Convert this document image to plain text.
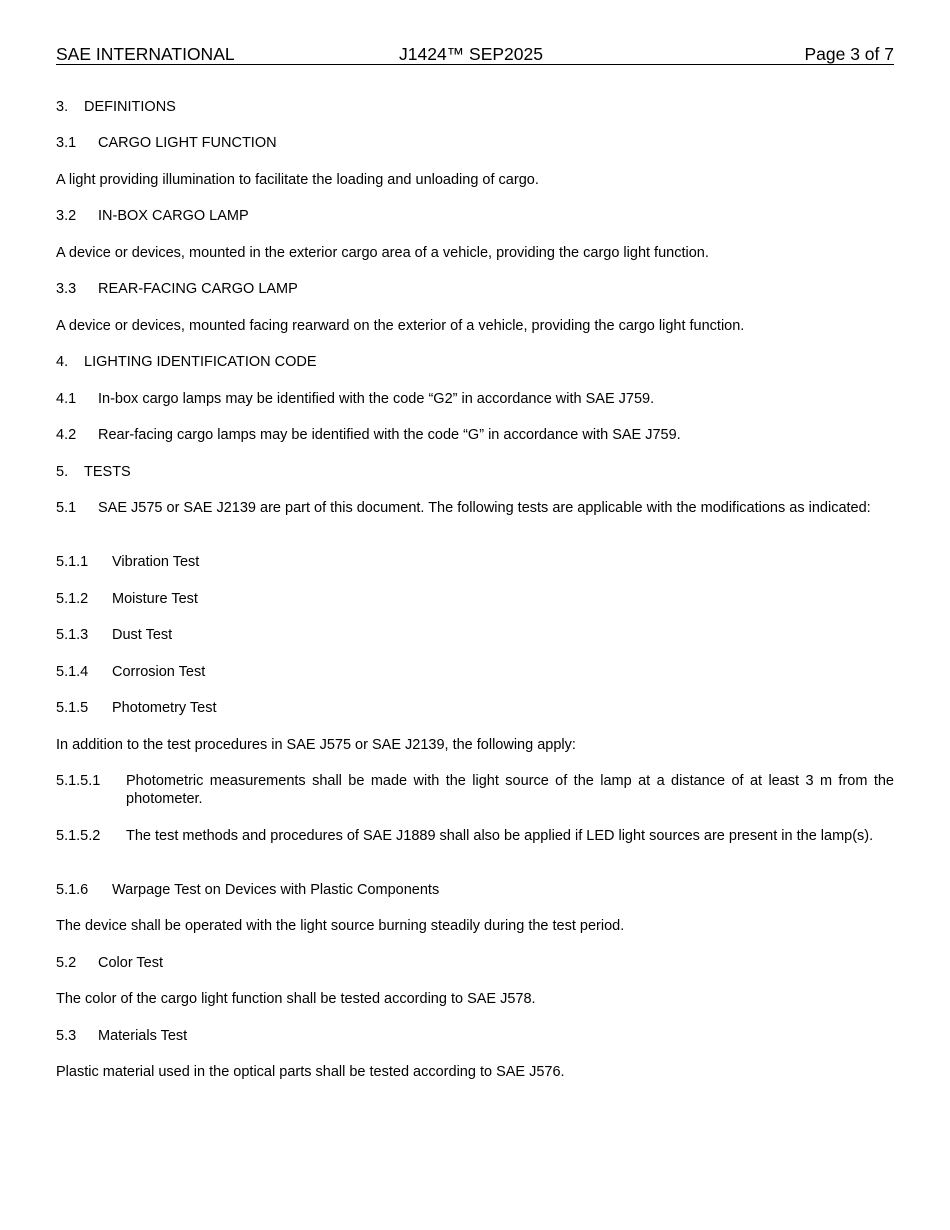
SAE INTERNATIONAL	J1424™ SEP2025	Page 3 of 7
3. DEFINITIONS
3.1 CARGO LIGHT FUNCTION
A light providing illumination to facilitate the loading and unloading of cargo.
3.2 IN-BOX CARGO LAMP
A device or devices, mounted in the exterior cargo area of a vehicle, providing the cargo light function.
3.3 REAR-FACING CARGO LAMP
A device or devices, mounted facing rearward on the exterior of a vehicle, providing the cargo light function.
4. LIGHTING IDENTIFICATION CODE
4.1 In-box cargo lamps may be identified with the code “G2” in accordance with SAE J759.
4.2 Rear-facing cargo lamps may be identified with the code “G” in accordance with SAE J759.
5. TESTS
5.1 SAE J575 or SAE J2139 are part of this document. The following tests are applicable with the modifications as indicated:
5.1.1 Vibration Test
5.1.2 Moisture Test
5.1.3 Dust Test
5.1.4 Corrosion Test
5.1.5 Photometry Test
In addition to the test procedures in SAE J575 or SAE J2139, the following apply:
5.1.5.1 Photometric measurements shall be made with the light source of the lamp at a distance of at least 3 m from the photometer.
5.1.5.2 The test methods and procedures of SAE J1889 shall also be applied if LED light sources are present in the lamp(s).
5.1.6 Warpage Test on Devices with Plastic Components
The device shall be operated with the light source burning steadily during the test period.
5.2 Color Test
The color of the cargo light function shall be tested according to SAE J578.
5.3 Materials Test
Plastic material used in the optical parts shall be tested according to SAE J576.
